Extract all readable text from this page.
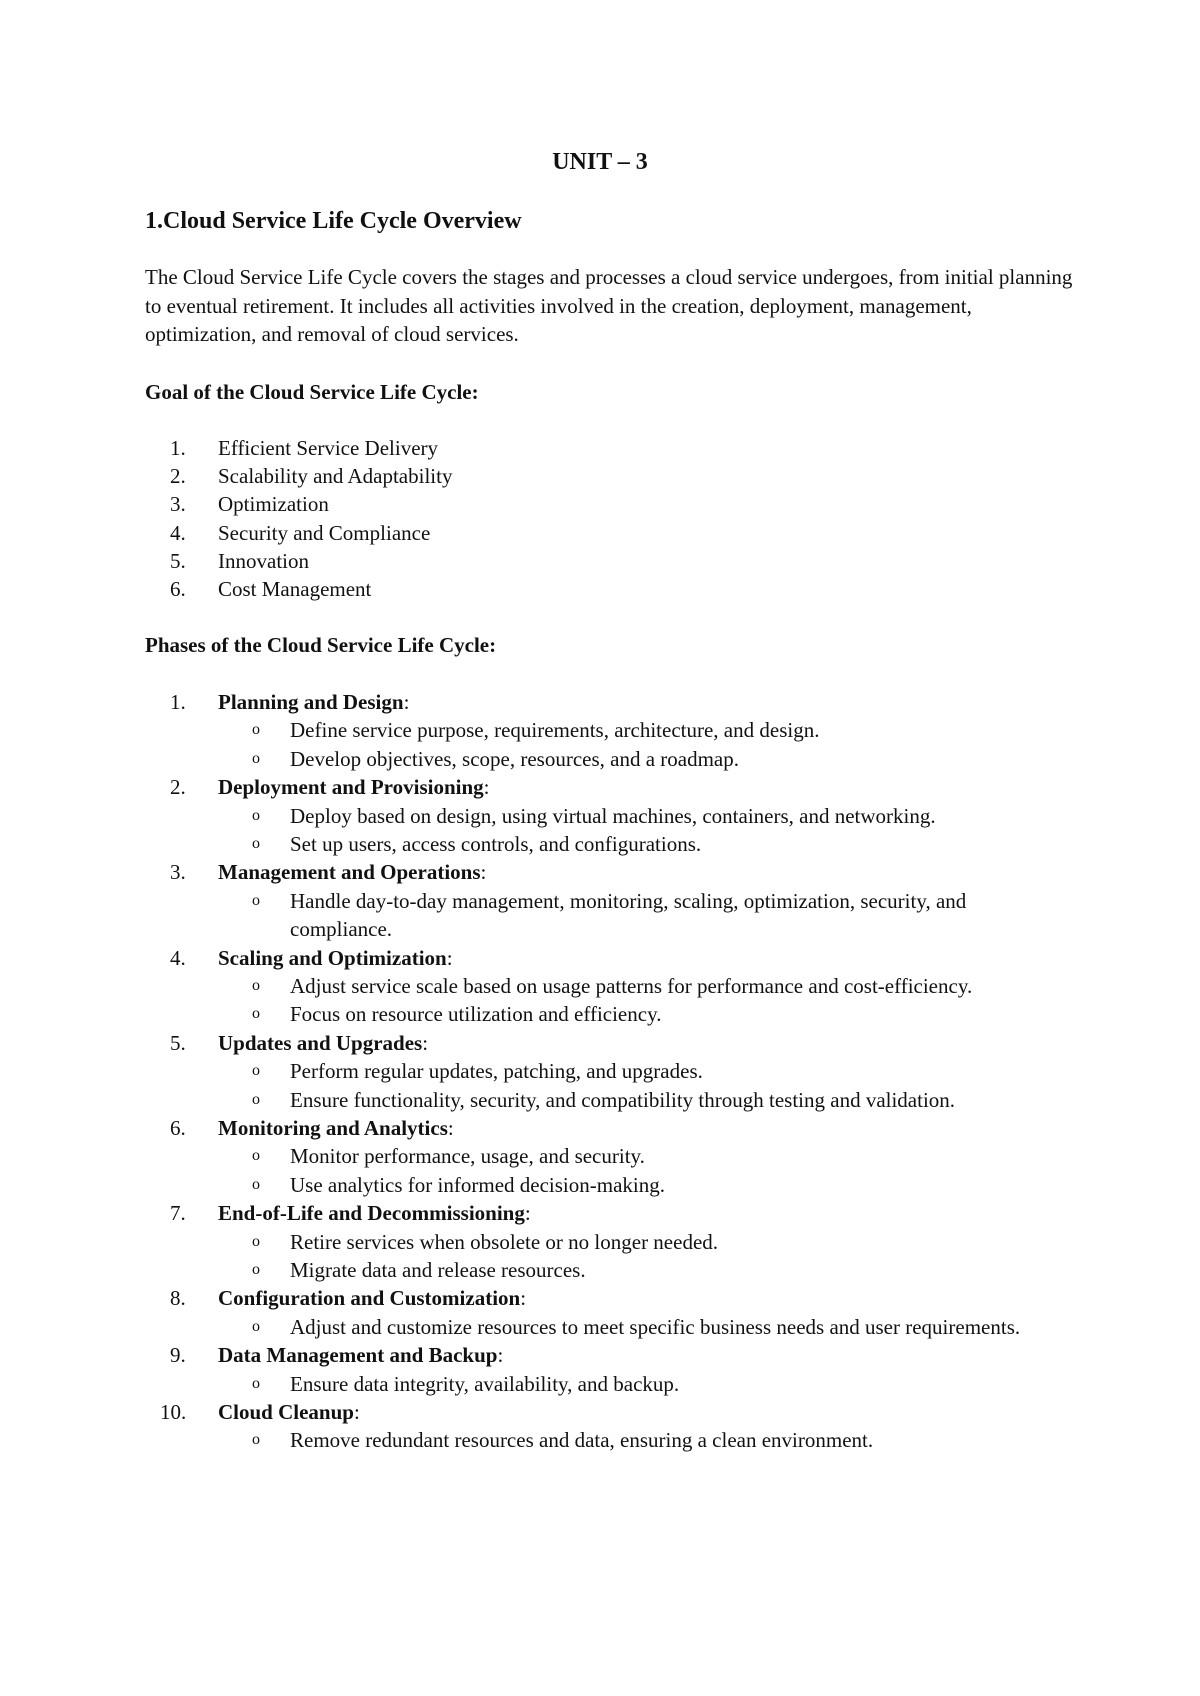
UNIT – 3
1.Cloud Service Life Cycle Overview
The Cloud Service Life Cycle covers the stages and processes a cloud service undergoes, from initial planning to eventual retirement. It includes all activities involved in the creation, deployment, management, optimization, and removal of cloud services.
Goal of the Cloud Service Life Cycle:
1.	Efficient Service Delivery
2.	Scalability and Adaptability
3.	Optimization
4.	Security and Compliance
5.	Innovation
6.	Cost Management
Phases of the Cloud Service Life Cycle:
1. Planning and Design:
o Define service purpose, requirements, architecture, and design.
o Develop objectives, scope, resources, and a roadmap.
2. Deployment and Provisioning:
o Deploy based on design, using virtual machines, containers, and networking.
o Set up users, access controls, and configurations.
3. Management and Operations:
o Handle day-to-day management, monitoring, scaling, optimization, security, and compliance.
4. Scaling and Optimization:
o Adjust service scale based on usage patterns for performance and cost-efficiency.
o Focus on resource utilization and efficiency.
5. Updates and Upgrades:
o Perform regular updates, patching, and upgrades.
o Ensure functionality, security, and compatibility through testing and validation.
6. Monitoring and Analytics:
o Monitor performance, usage, and security.
o Use analytics for informed decision-making.
7. End-of-Life and Decommissioning:
o Retire services when obsolete or no longer needed.
o Migrate data and release resources.
8. Configuration and Customization:
o Adjust and customize resources to meet specific business needs and user requirements.
9. Data Management and Backup:
o Ensure data integrity, availability, and backup.
10. Cloud Cleanup:
o Remove redundant resources and data, ensuring a clean environment.
